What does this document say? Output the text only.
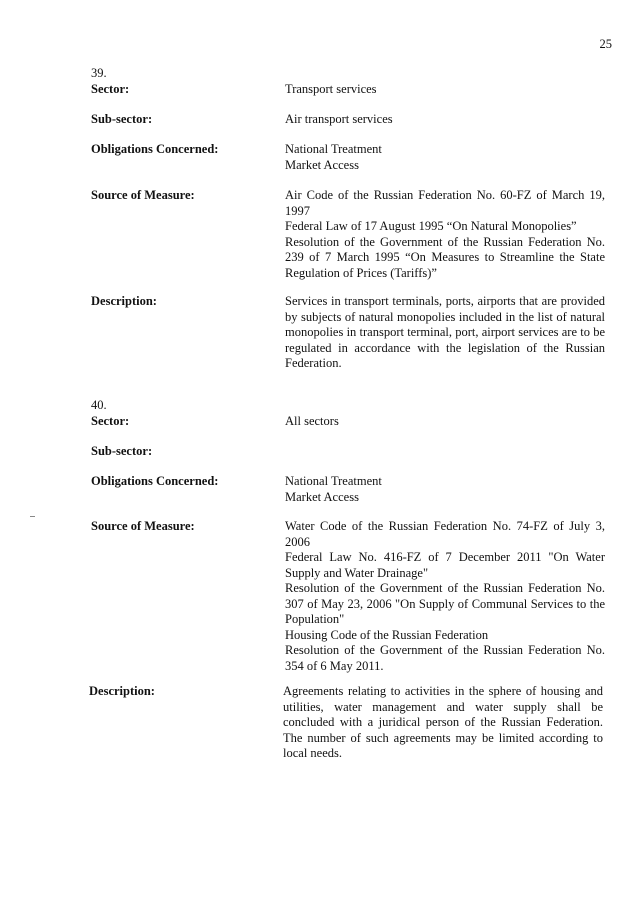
25
39.
Sector:	Transport services
Sub-sector:	Air transport services
Obligations Concerned:	National Treatment
Market Access
Source of Measure:	Air Code of the Russian Federation No. 60-FZ of March 19, 1997
Federal Law of 17 August 1995 “On Natural Monopolies”
Resolution of the Government of the Russian Federation No. 239 of 7 March 1995 “On Measures to Streamline the State Regulation of Prices (Tariffs)”
Description:	Services in transport terminals, ports, airports that are provided by subjects of natural monopolies included in the list of natural monopolies in transport terminal, port, airport services are to be regulated in accordance with the legislation of the Russian Federation.
40.
Sector:	All sectors
Sub-sector:
Obligations Concerned:	National Treatment
Market Access
Source of Measure:	Water Code of the Russian Federation No. 74-FZ of July 3, 2006
Federal Law No. 416-FZ of 7 December 2011 "On Water Supply and Water Drainage"
Resolution of the Government of the Russian Federation No. 307 of May 23, 2006 "On Supply of Communal Services to the Population"
Housing Code of the Russian Federation
Resolution of the Government of the Russian Federation No. 354 of 6 May 2011.
Description:	Agreements relating to activities in the sphere of housing and utilities, water management and water supply shall be concluded with a juridical person of the Russian Federation. The number of such agreements may be limited according to local needs.
